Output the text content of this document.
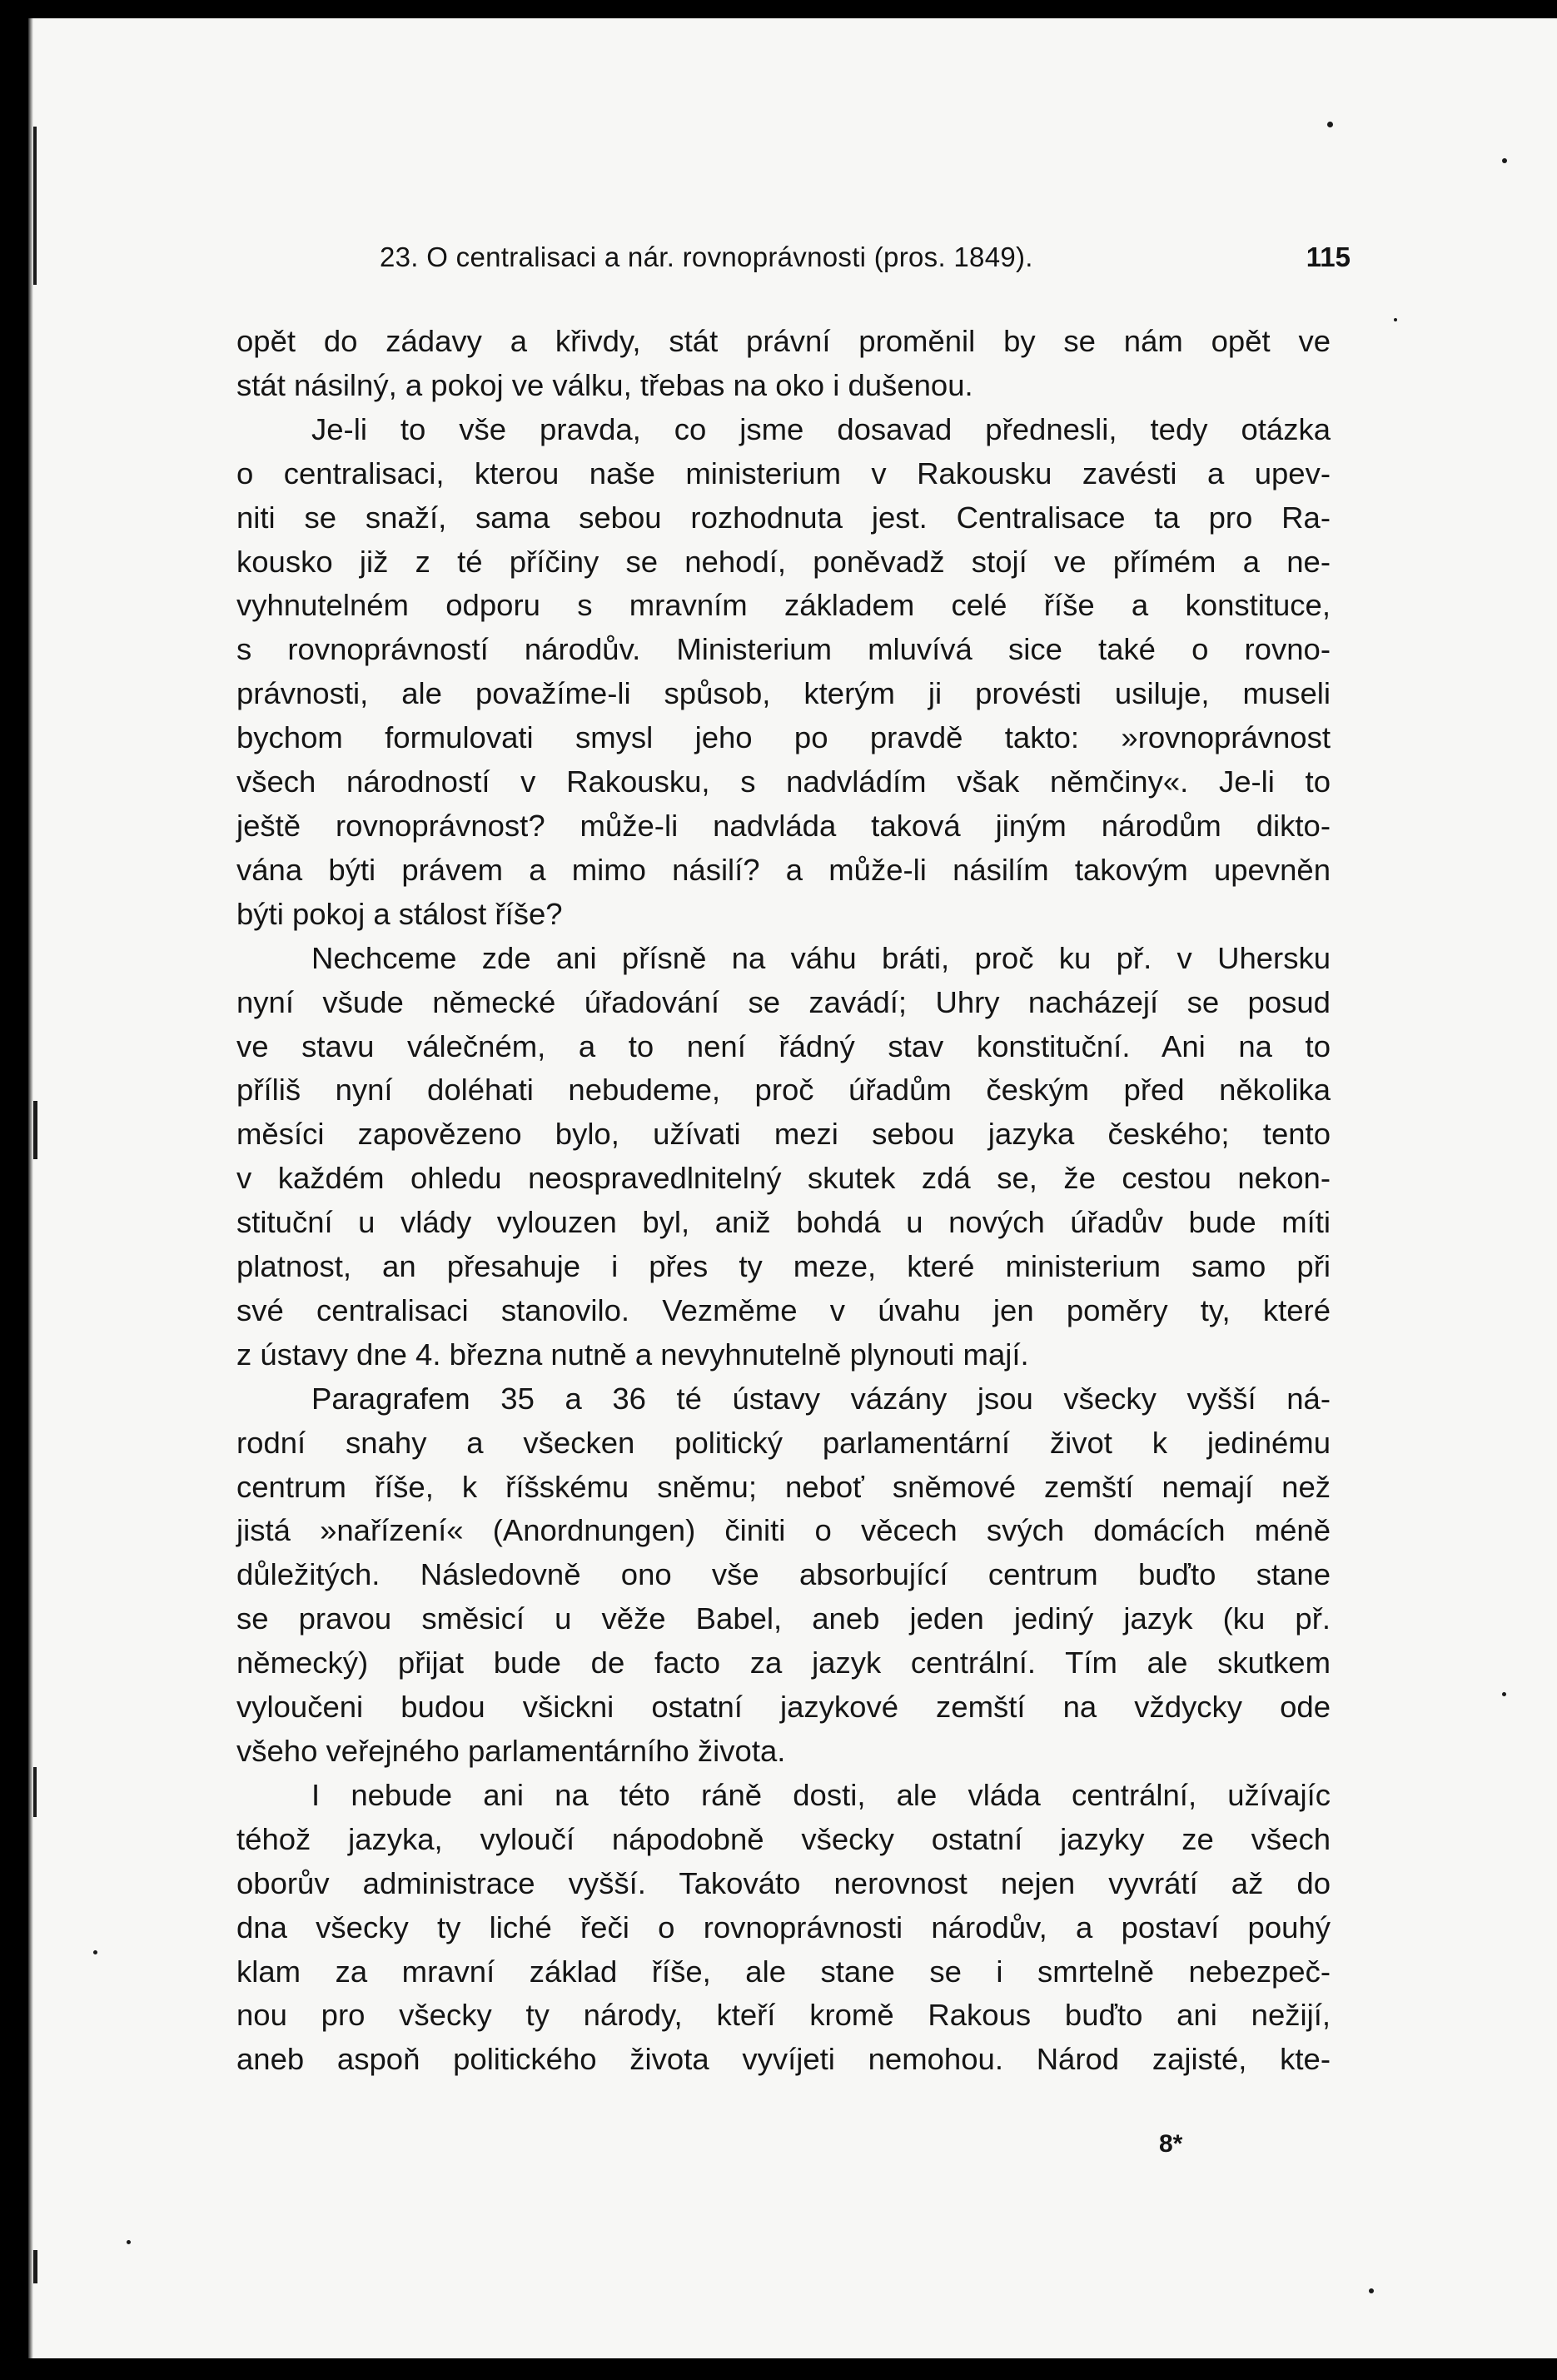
23. O centralisaci a nár. rovnoprávnosti (pros. 1849).	115

opět do zádavy a křivdy, stát právní proměnil by se nám opět ve

stát násilný, a pokoj ve válku, třebas na oko i dušenou.

Je-li to vše pravda, co jsme dosavad přednesli, tedy otázka

o centralisaci, kterou naše ministerium v Rakousku zavésti a upev-

niti se snaží, sama sebou rozhodnuta jest. Centralisace ta pro Ra-

kousko již z té příčiny se nehodí, poněvadž stojí ve přímém a ne-

vyhnutelném odporu s mravním základem celé říše a konstituce,

s rovnoprávností národův. Ministerium mluvívá sice také o rovno-

právnosti, ale považíme-li spůsob, kterým ji provésti usiluje, museli

bychom formulovati smysl jeho po pravdě takto: »rovnoprávnost

všech národností v Rakousku, s nadvládím však němčiny«. Je-li to

ještě rovnoprávnost? může-li nadvláda taková jiným národům dikto-

vána býti právem a mimo násilí? a může-li násilím takovým upevněn

býti pokoj a stálost říše?

Nechceme zde ani přísně na váhu bráti, proč ku př. v Uhersku

nyní všude německé úřadování se zavádí; Uhry nacházejí se posud

ve stavu válečném, a to není řádný stav konstituční. Ani na to

příliš nyní doléhati nebudeme, proč úřadům českým před několika

měsíci zapovězeno bylo, užívati mezi sebou jazyka českého; tento

v každém ohledu neospravedlnitelný skutek zdá se, že cestou nekon-

stituční u vlády vylouzen byl, aniž bohdá u nových úřadův bude míti

platnost, an přesahuje i přes ty meze, které ministerium samo při

své centralisaci stanovilo. Vezměme v úvahu jen poměry ty, které

z ústavy dne 4. března nutně a nevyhnutelně plynouti mají.

Paragrafem 35 a 36 té ústavy vázány jsou všecky vyšší ná-

rodní snahy a všecken politický parlamentární život k jedinému

centrum říše, k říšskému sněmu; neboť sněmové zemští nemají než

jistá »nařízení« (Anordnungen) činiti o věcech svých domácích méně

důležitých. Následovně ono vše absorbující centrum buďto stane

se pravou směsicí u věže Babel, aneb jeden jediný jazyk (ku př.

německý) přijat bude de facto za jazyk centrální. Tím ale skutkem

vyloučeni budou všickni ostatní jazykové zemští na vždycky ode

všeho veřejného parlamentárního života.

I nebude ani na této ráně dosti, ale vláda centrální, užívajíc

téhož jazyka, vyloučí nápodobně všecky ostatní jazyky ze všech

oborův administrace vyšší. Takováto nerovnost nejen vyvrátí až do

dna všecky ty liché řeči o rovnoprávnosti národův, a postaví pouhý

klam za mravní základ říše, ale stane se i smrtelně nebezpeč-

nou pro všecky ty národy, kteří kromě Rakous buďto ani nežijí,

aneb aspoň politického života vyvíjeti nemohou. Národ zajisté, kte-

8*
